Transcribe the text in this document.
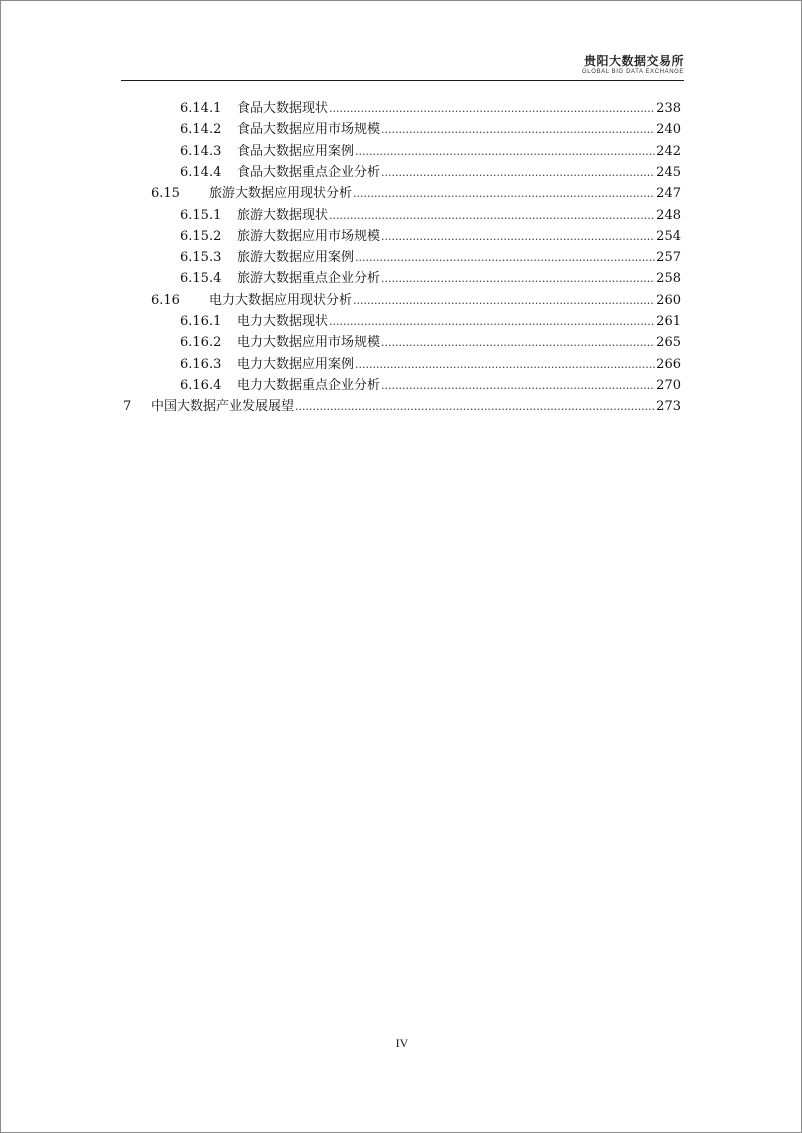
贵阳大数据交易所
GLOBAL BIG DATA EXCHANGE
6.14.1	食品大数据现状 .....	238
6.14.2	食品大数据应用市场规模 .....	240
6.14.3	食品大数据应用案例 .....	242
6.14.4	食品大数据重点企业分析 .....	245
6.15	旅游大数据应用现状分析 .....	247
6.15.1	旅游大数据现状 .....	248
6.15.2	旅游大数据应用市场规模 .....	254
6.15.3	旅游大数据应用案例 .....	257
6.15.4	旅游大数据重点企业分析 .....	258
6.16	电力大数据应用现状分析 .....	260
6.16.1	电力大数据现状 .....	261
6.16.2	电力大数据应用市场规模 .....	265
6.16.3	电力大数据应用案例 .....	266
6.16.4	电力大数据重点企业分析 .....	270
7	中国大数据产业发展展望 .....	273
IV
